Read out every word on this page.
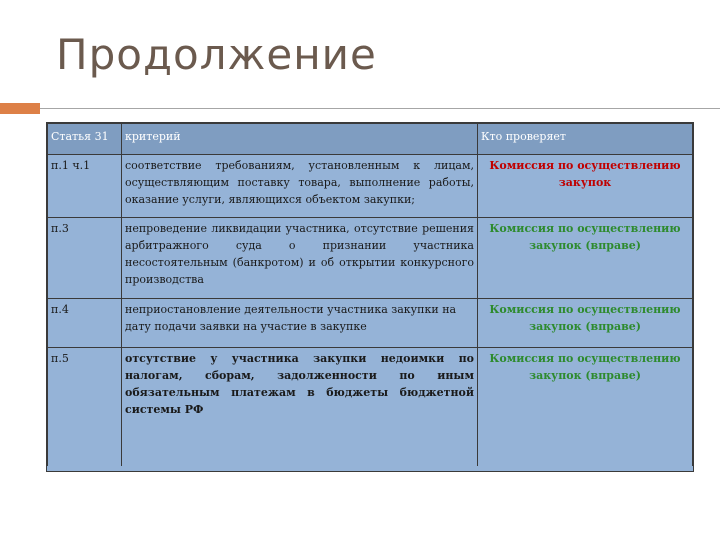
Продолжение
Статья 31	критерий	Кто проверяет
п.1 ч.1	соответствие требованиям, установленным к лицам, осуществляющим поставку товара, выполнение работы, оказание услуги, являющихся объектом закупки;	Комиссия по осуществлению закупок
п.3	непроведение ликвидации участника, отсутствие решения арбитражного суда о признании участника несостоятельным (банкротом) и об открытии конкурсного производства	Комиссия по осуществлению закупок (вправе)
п.4	неприостановление деятельности участника закупки на дату подачи заявки на участие в закупке	Комиссия по осуществлению закупок (вправе)
п.5	отсутствие у участника закупки недоимки по налогам, сборам, задолженности по иным обязательным платежам в бюджеты бюджетной системы РФ	Комиссия по осуществлению закупок (вправе)
